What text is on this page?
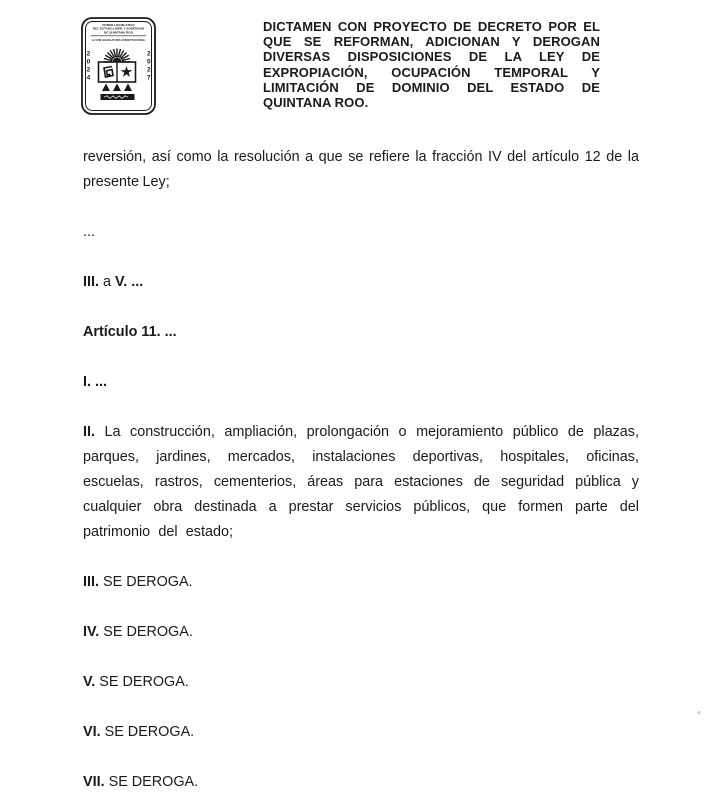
PODER LEGISLATIVO
DEL ESTADO LIBRE Y SOBERANO
DE QUINTANA ROO
H. XVIII LEGISLATURA CONSTITUCIONAL
2
0
2
4
2
0
2
7
DICTAMEN CON PROYECTO DE DECRETO POR EL
QUE SE REFORMAN, ADICIONAN Y DEROGAN
DIVERSAS DISPOSICIONES DE LA LEY DE
EXPROPIACIÓN, OCUPACIÓN TEMPORAL Y
LIMITACIÓN DE DOMINIO DEL ESTADO DE
QUINTANA ROO.

reversión, así como la resolución a que se refiere la fracción IV del artículo 12 de la presente Ley;

...

III. a V. ...

Artículo 11. ...

I. ...

II. La construcción, ampliación, prolongación o mejoramiento público de plazas, parques, jardines, mercados, instalaciones deportivas, hospitales, oficinas, escuelas, rastros, cementerios, áreas para estaciones de seguridad pública y cualquier obra destinada a prestar servicios públicos, que formen parte del patrimonio del estado;

III. SE DEROGA.

IV. SE DEROGA.

V. SE DEROGA.

VI. SE DEROGA.

VII. SE DEROGA.
